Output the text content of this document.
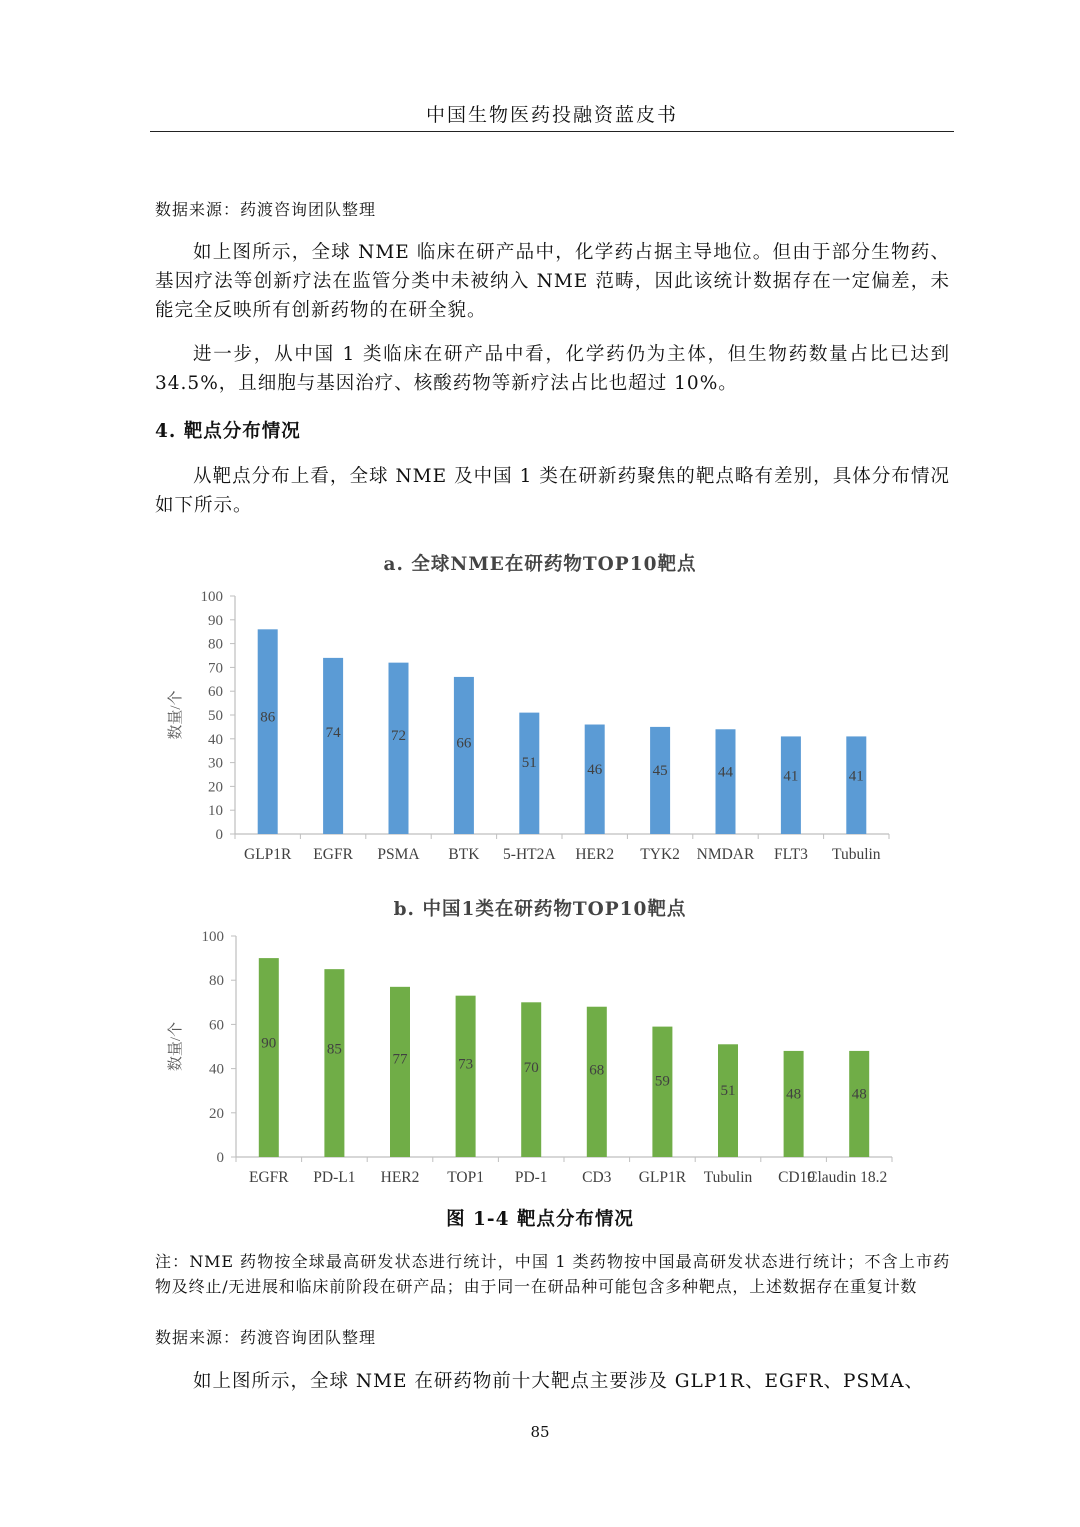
中国生物医药投融资蓝皮书
数据来源：药渡咨询团队整理

如上图所示，全球 NME 临床在研产品中，化学药占据主导地位。但由于部分生物药、基因疗法等创新疗法在监管分类中未被纳入 NME 范畴，因此该统计数据存在一定偏差，未能完全反映所有创新药物的在研全貌。

进一步，从中国 1 类临床在研产品中看，化学药仍为主体，但生物药数量占比已达到 34.5%，且细胞与基因治疗、核酸药物等新疗法占比也超过 10%。

4. 靶点分布情况

从靶点分布上看，全球 NME 及中国 1 类在研新药聚焦的靶点略有差别，具体分布情况如下所示。

a. 全球NME在研药物TOP10靶点
0
10
20
30
40
50
60
70
80
90
100
数量/个	86
74	72	66
51	46	45	44	41	41
GLP1R EGFR PSMA BTK 5-HT2A HER2 TYK2 NMDAR FLT3 Tubulin
b. 中国1类在研药物TOP10靶点
0
20
40
60
80
100
数量/个	90	85
77	73	70	68
59
51	48	48
EGFR PD-L1 HER2 TOP1 PD-1 CD3 GLP1R Tubulin CD19
Claudin 18.2
图 1-4 靶点分布情况

注：NME 药物按全球最高研发状态进行统计，中国 1 类药物按中国最高研发状态进行统计；不含上市药物及终止/无进展和临床前阶段在研产品；由于同一在研品种可能包含多种靶点，上述数据存在重复计数

数据来源：药渡咨询团队整理

如上图所示，全球 NME 在研药物前十大靶点主要涉及 GLP1R、EGFR、PSMA、

85
